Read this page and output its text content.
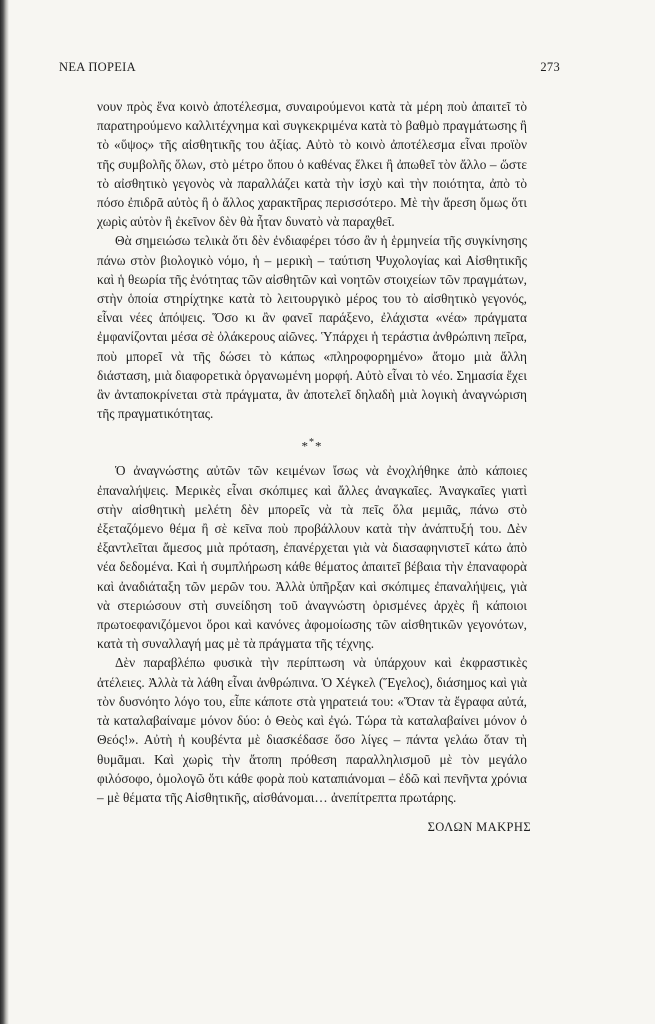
ΝΕΑ ΠΟΡΕΙΑ	273

νουν πρὸς ἕνα κοινὸ ἀποτέλεσμα, συναιρούμενοι κατὰ τὰ μέρη ποὺ ἀπαιτεῖ τὸ παρατηρούμενο καλλιτέχνημα καὶ συγκεκριμένα κατὰ τὸ βαθμὸ πραγμάτωσης ἢ τὸ «ὕψος» τῆς αἰσθητικῆς του ἀξίας. Αὐτὸ τὸ κοινὸ ἀποτέλεσμα εἶναι προϊὸν τῆς συμβολῆς ὅλων, στὸ μέτρο ὅπου ὁ καθένας ἕλκει ἢ ἀπωθεῖ τὸν ἄλλο – ὥστε τὸ αἰσθητικὸ γεγονὸς νὰ παραλλάζει κατὰ τὴν ἰσχὺ καὶ τὴν ποιότητα, ἀπὸ τὸ πόσο ἐπιδρᾶ αὐτὸς ἢ ὁ ἄλλος χαρακτῆρας περισσότερο. Μὲ τὴν ἄρεση ὅμως ὅτι χωρὶς αὐτὸν ἢ ἐκεῖνον δὲν θὰ ἦταν δυνατὸ νὰ παραχθεῖ.

Θὰ σημειώσω τελικὰ ὅτι δὲν ἐνδιαφέρει τόσο ἂν ἡ ἑρμηνεία τῆς συγκίνησης πάνω στὸν βιολογικὸ νόμο, ἡ – μερικὴ – ταύτιση Ψυχολογίας καὶ Αἰσθητικῆς καὶ ἡ θεωρία τῆς ἑνότητας τῶν αἰσθητῶν καὶ νοητῶν στοιχείων τῶν πραγμάτων, στὴν ὁποία στηρίχτηκε κατὰ τὸ λειτουργικὸ μέρος του τὸ αἰσθητικὸ γεγονός, εἶναι νέες ἀπόψεις. Ὅσο κι ἂν φανεῖ παράξενο, ἐλάχιστα «νέα» πράγματα ἐμφανίζονται μέσα σὲ ὁλάκερους αἰῶνες. Ὑπάρχει ἡ τεράστια ἀνθρώπινη πεῖρα, ποὺ μπορεῖ νὰ τῆς δώσει τὸ κάπως «πληροφορημένο» ἄτομο μιὰ ἄλλη διάσταση, μιὰ διαφορετικὰ ὀργανωμένη μορφή. Αὐτὸ εἶναι τὸ νέο. Σημασία ἔχει ἂν ἀνταποκρίνεται στὰ πράγματα, ἂν ἀποτελεῖ δηλαδὴ μιὰ λογικὴ ἀναγνώριση τῆς πραγματικότητας.

***

Ὁ ἀναγνώστης αὐτῶν τῶν κειμένων ἴσως νὰ ἐνοχλήθηκε ἀπὸ κάποιες ἐπαναλήψεις. Μερικὲς εἶναι σκόπιμες καὶ ἄλλες ἀναγκαῖες. Ἀναγκαῖες γιατὶ στὴν αἰσθητικὴ μελέτη δὲν μπορεῖς νὰ τὰ πεῖς ὅλα μεμιᾶς, πάνω στὸ ἐξεταζόμενο θέμα ἢ σὲ κεῖνα ποὺ προβάλλουν κατὰ τὴν ἀνάπτυξή του. Δὲν ἐξαντλεῖται ἄμεσος μιὰ πρόταση, ἐπανέρχεται γιὰ νὰ διασαφηνιστεῖ κάτω ἀπὸ νέα δεδομένα. Καὶ ἡ συμπλήρωση κάθε θέματος ἀπαιτεῖ βέβαια τὴν ἐπαναφορὰ καὶ ἀναδιάταξη τῶν μερῶν του. Ἀλλὰ ὑπῆρξαν καὶ σκόπιμες ἐπαναλήψεις, γιὰ νὰ στεριώσουν στὴ συνείδηση τοῦ ἀναγνώστη ὁρισμένες ἀρχὲς ἢ κάποιοι πρωτοεφανιζόμενοι ὅροι καὶ κανόνες ἀφομοίωσης τῶν αἰσθητικῶν γεγονότων, κατὰ τὴ συναλλαγή μας μὲ τὰ πράγματα τῆς τέχνης.

Δὲν παραβλέπω φυσικὰ τὴν περίπτωση νὰ ὑπάρχουν καὶ ἐκφραστικὲς ἀτέλειες. Ἀλλὰ τὰ λάθη εἶναι ἀνθρώπινα. Ὁ Χέγκελ (Ἕγελος), διάσημος καὶ γιὰ τὸν δυσνόητο λόγο του, εἶπε κάποτε στὰ γηρατειά του: «Ὅταν τὰ ἔγραφα αὐτά, τὰ καταλαβαίναμε μόνον δύο: ὁ Θεὸς καὶ ἐγώ. Τώρα τὰ καταλαβαίνει μόνον ὁ Θεός!». Αὐτὴ ἡ κουβέντα μὲ διασκέδασε ὅσο λίγες – πάντα γελάω ὅταν τὴ θυμᾶμαι. Καὶ χωρὶς τὴν ἄτοπη πρόθεση παραλληλισμοῦ μὲ τὸν μεγάλο φιλόσοφο, ὁμολογῶ ὅτι κάθε φορὰ ποὺ καταπιάνομαι – ἐδῶ καὶ πενῆντα χρόνια – μὲ θέματα τῆς Αἰσθητικῆς, αἰσθάνομαι… ἀνεπίτρεπτα πρωτάρης.

ΣΟΛΩΝ ΜΑΚΡΗΣ
